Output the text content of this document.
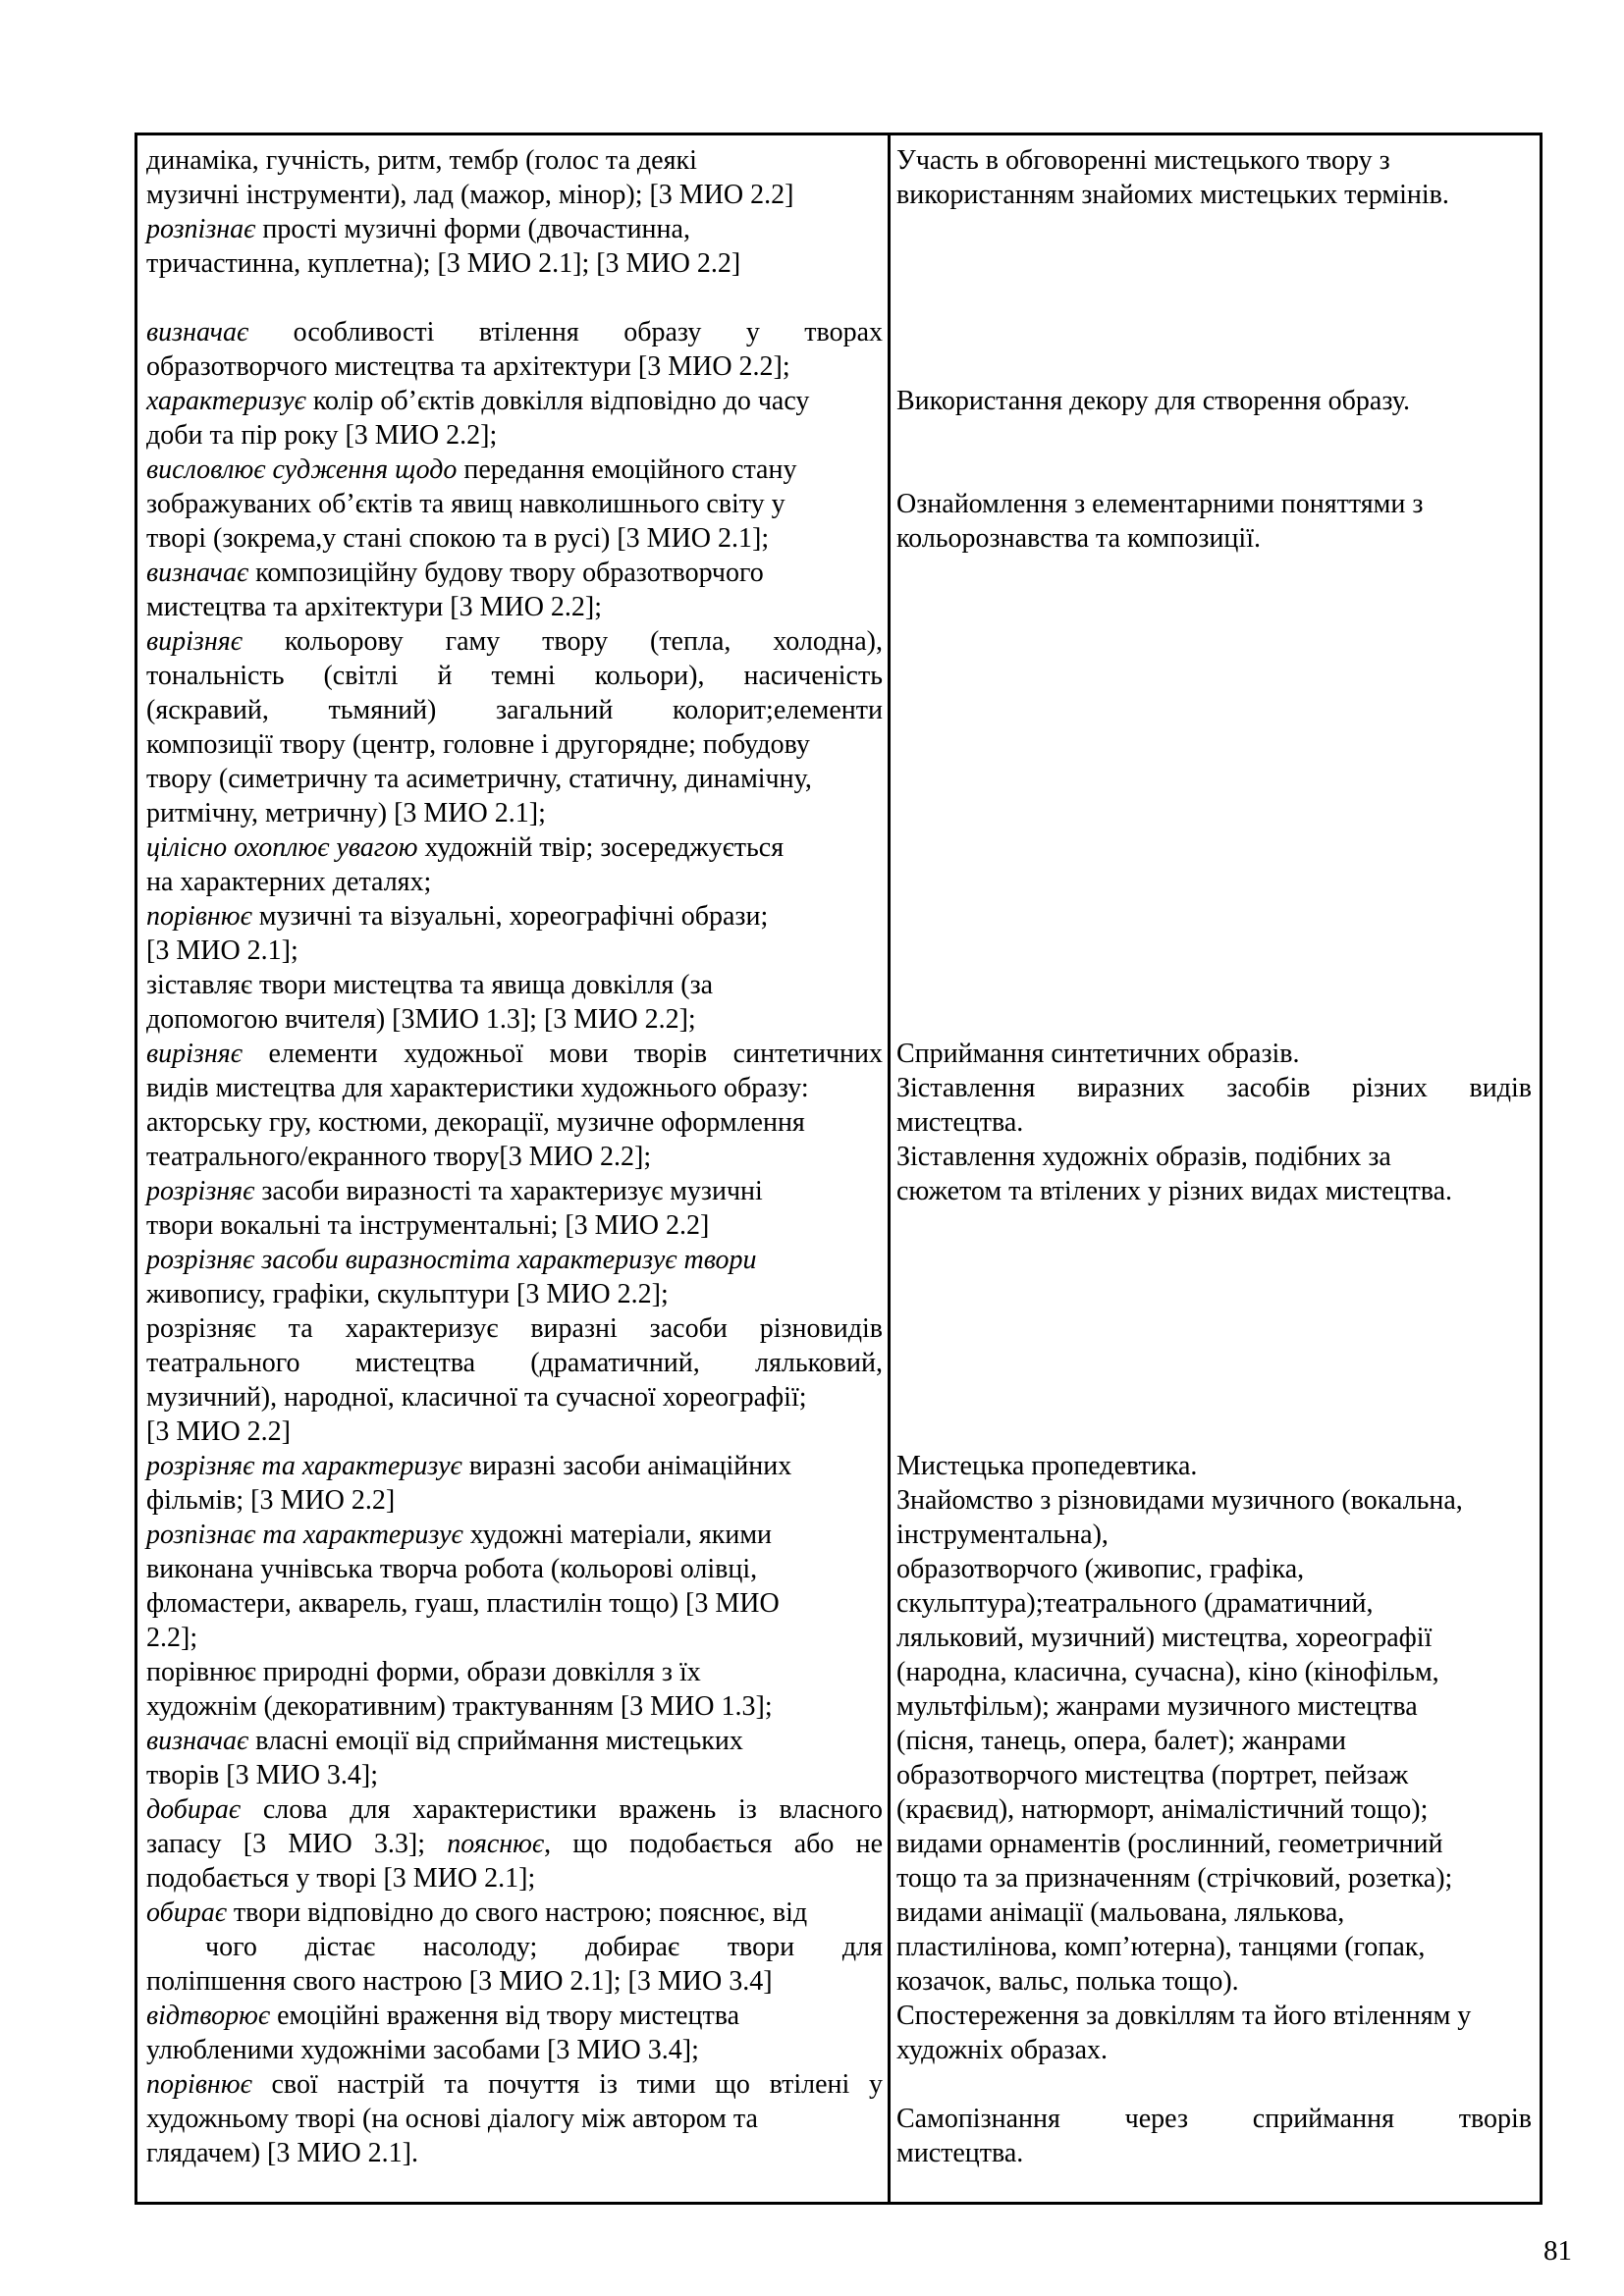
динаміка, гучність, ритм, тембр (голос та деякі
музичні інструменти), лад (мажор, мінор); [3 МИО 2.2]
розпізнає прості музичні форми (двочастинна,
тричастинна, куплетна); [3 МИО 2.1]; [3 МИО 2.2]

визначає особливості втілення образу у творах
образотворчого мистецтва та архітектури [3 МИО 2.2];
характеризує колір об’єктів довкілля відповідно до часу
доби та пір року [3 МИО 2.2];
висловлює судження щодо передання емоційного стану
зображуваних об’єктів та явищ навколишнього світу у
творі (зокрема,у стані спокою та в русі) [3 МИО 2.1];
визначає композиційну будову твору образотворчого
мистецтва та архітектури [3 МИО 2.2];
вирізняє кольорову гаму твору (тепла, холодна),
тональність (світлі й темні кольори), насиченість
(яскравий, тьмяний) загальний колорит;елементи
композиції твору (центр, головне і другорядне; побудову
твору (симетричну та асиметричну, статичну, динамічну,
ритмічну, метричну) [3 МИО 2.1];
цілісно охоплює увагою художній твір; зосереджується
на характерних деталях;
порівнює музичні та візуальні, хореографічні образи;
[3 МИО 2.1];
зіставляє твори мистецтва та явища довкілля (за
допомогою вчителя) [3МИО 1.3]; [3 МИО 2.2];
вирізняє елементи художньої мови творів синтетичних
видів мистецтва для характеристики художнього образу:
акторську гру, костюми, декорації, музичне оформлення
театрального/екранного твору[3 МИО 2.2];
розрізняє засоби виразності та характеризує музичні
твори вокальні та інструментальні; [3 МИО 2.2]
розрізняє засоби виразностіта характеризує твори
живопису, графіки, скульптури [3 МИО 2.2];
розрізняє та характеризує виразні засоби різновидів
театрального мистецтва (драматичний, ляльковий,
музичний), народної, класичної та сучасної хореографії;
[3 МИО 2.2]
розрізняє та характеризує виразні засоби анімаційних
фільмів; [3 МИО 2.2]
розпізнає та характеризує художні матеріали, якими
виконана учнівська творча робота (кольорові олівці,
фломастери, акварель, гуаш, пластилін тощо) [3 МИО
2.2];
порівнює природні форми, образи довкілля з їх
художнім (декоративним) трактуванням [3 МИО 1.3];
визначає власні емоції від сприймання мистецьких
творів [3 МИО 3.4];
добирає слова для характеристики вражень із власного
запасу [3 МИО 3.3]; пояснює, що подобається або не
подобається у творі [3 МИО 2.1];
обирає твори відповідно до свого настрою; пояснює, від
чого дістає насолоду; добирає твори для
поліпшення свого настрою [3 МИО 2.1]; [3 МИО 3.4]
відтворює емоційні враження від твору мистецтва
улюбленими художніми засобами [3 МИО 3.4];
порівнює свої настрій та почуття із тими що втілені у
художньому творі (на основі діалогу між автором та
глядачем) [3 МИО 2.1].
Участь в обговоренні мистецького твору з
використанням знайомих мистецьких термінів.

Використання декору для створення образу.

Ознайомлення з елементарними поняттями з
кольорознавства та композиції.

Сприймання синтетичних образів.
Зіставлення виразних засобів різних видів
мистецтва.
Зіставлення художніх образів, подібних за
сюжетом та втілених у різних видах мистецтва.

Мистецька пропедевтика.
Знайомство з різновидами музичного (вокальна,
інструментальна),
образотворчого (живопис, графіка,
скульптура);театрального (драматичний,
ляльковий, музичний) мистецтва, хореографії
(народна, класична, сучасна), кіно (кінофільм,
мультфільм); жанрами музичного мистецтва
(пісня, танець, опера, балет); жанрами
образотворчого мистецтва (портрет, пейзаж
(краєвид), натюрморт, анімалістичний тощо);
видами орнаментів (рослинний, геометричний
тощо та за призначенням (стрічковий, розетка);
видами анімації (мальована, лялькова,
пластилінова, комп’ютерна), танцями (гопак,
козачок, вальс, полька тощо).
Спостереження за довкіллям та його втіленням у
художніх образах.

Самопізнання через сприймання творів
мистецтва.
81
